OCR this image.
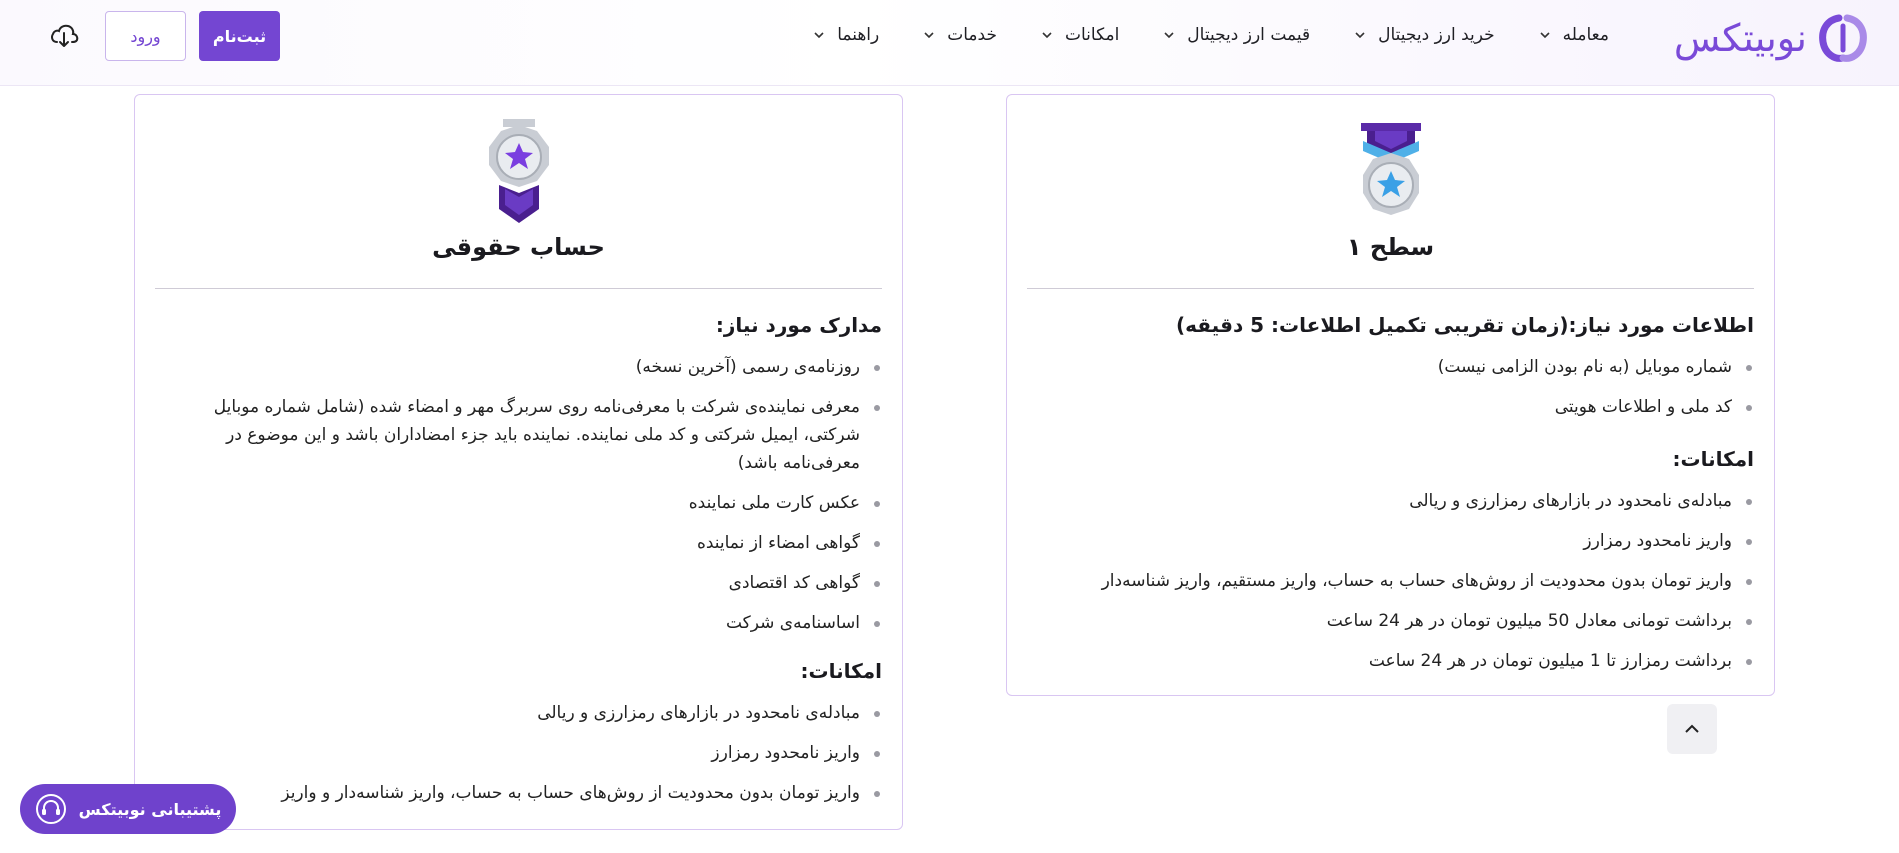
نوبیتکس
معامله
خرید ارز دیجیتال
قیمت ارز دیجیتال
امکانات
خدمات
راهنما
ثبت‌نام
ورود
سطح ۱
اطلاعات مورد نیاز:(زمان تقریبی تکمیل اطلاعات: 5 دقیقه)
شماره موبایل (به نام بودن الزامی نیست)
کد ملی و اطلاعات هویتی
امکانات:
مبادله‌ی نامحدود در بازارهای رمزارزی و ریالی
واریز نامحدود رمزارز
واریز تومان بدون محدودیت از روش‌های حساب به حساب، واریز مستقیم، واریز شناسه‌دار
برداشت تومانی معادل 50 میلیون تومان در هر 24 ساعت
برداشت رمزارز تا 1 میلیون تومان در هر 24 ساعت
حساب حقوقی
مدارک مورد نیاز:
روزنامه‌ی رسمی (آخرین نسخه)
معرفی نماینده‌ی شرکت با معرفی‌نامه روی سربرگ مهر و امضاء شده (شامل شماره موبایل شرکتی، ایمیل شرکتی و کد ملی نماینده. نماینده باید جزء امضاداران باشد و این موضوع در معرفی‌نامه باشد)
عکس کارت ملی نماینده
گواهی امضاء از نماینده
گواهی کد اقتصادی
اساسنامه‌ی شرکت
امکانات:
مبادله‌ی نامحدود در بازارهای رمزارزی و ریالی
واریز نامحدود رمزارز
واریز تومان بدون محدودیت از روش‌های حساب به حساب، واریز شناسه‌دار و واریز
پشتیبانی نوبیتکس
